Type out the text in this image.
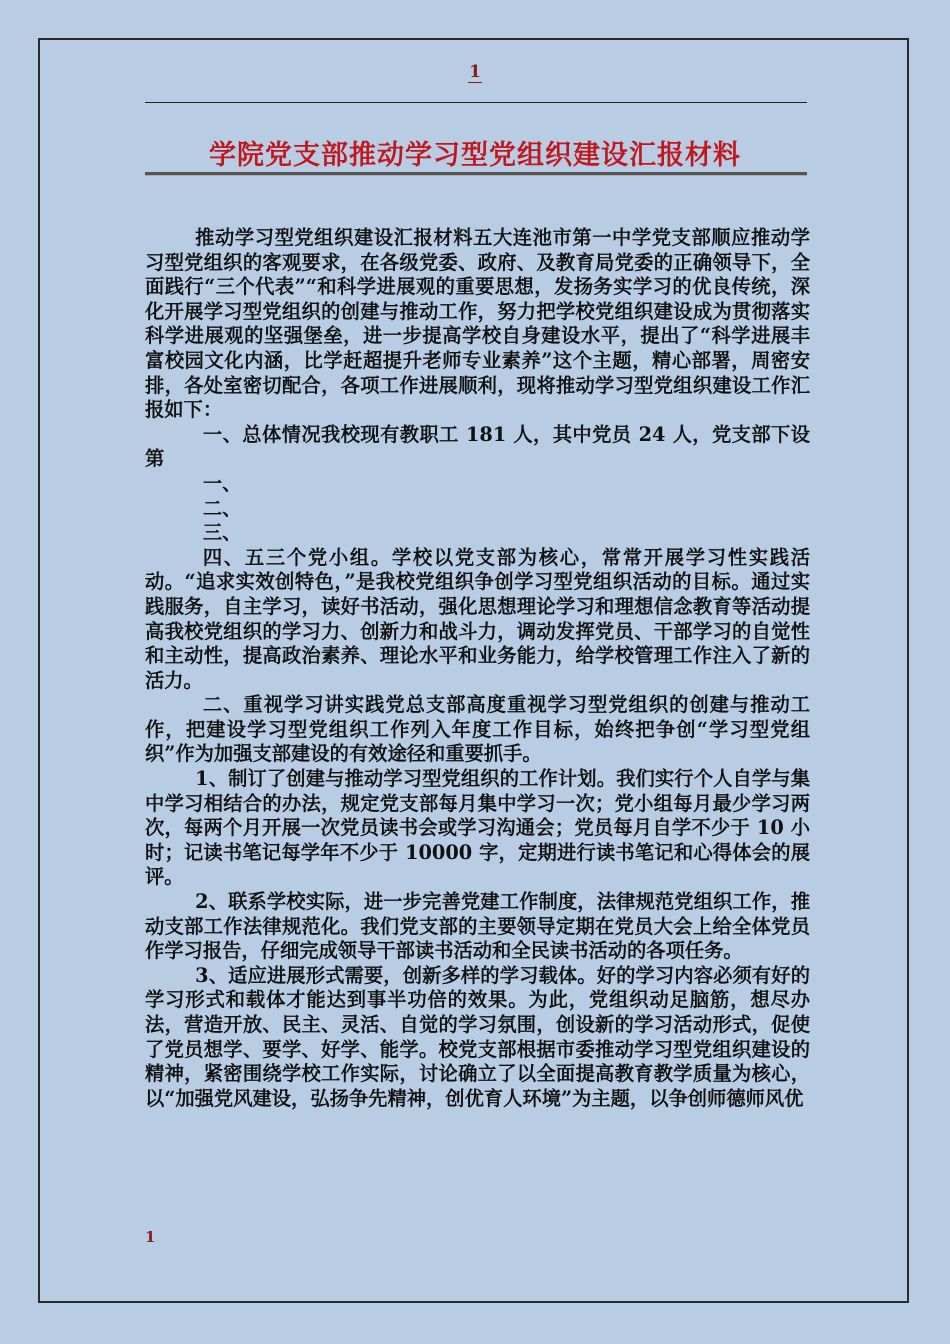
1
学院党支部推动学习型党组织建设汇报材料

推动学习型党组织建设汇报材料五大连池市第一中学党支部顺应推动学习型党组织的客观要求，在各级党委、政府、及教育局党委的正确领导下，全面践行“三个代表”“和科学进展观的重要思想，发扬务实学习的优良传统，深化开展学习型党组织的创建与推动工作，努力把学校党组织建设成为贯彻落实科学进展观的坚强堡垒，进一步提高学校自身建设水平，提出了“科学进展丰富校园文化内涵，比学赶超提升老师专业素养”这个主题，精心部署，周密安排，各处室密切配合，各项工作进展顺利，现将推动学习型党组织建设工作汇报如下：

一、总体情况我校现有教职工 181 人，其中党员 24 人，党支部下设第

一、

二、

三、

四、五三个党小组。学校以党支部为核心，常常开展学习性实践活动。“追求实效创特色，”是我校党组织争创学习型党组织活动的目标。通过实践服务，自主学习，读好书活动，强化思想理论学习和理想信念教育等活动提高我校党组织的学习力、创新力和战斗力，调动发挥党员、干部学习的自觉性和主动性，提高政治素养、理论水平和业务能力，给学校管理工作注入了新的活力。

二、重视学习讲实践党总支部高度重视学习型党组织的创建与推动工作，把建设学习型党组织工作列入年度工作目标，始终把争创“学习型党组织”作为加强支部建设的有效途径和重要抓手。

1、制订了创建与推动学习型党组织的工作计划。我们实行个人自学与集中学习相结合的办法，规定党支部每月集中学习一次；党小组每月最少学习两次，每两个月开展一次党员读书会或学习沟通会；党员每月自学不少于 10 小时；记读书笔记每学年不少于 10000 字，定期进行读书笔记和心得体会的展评。

2、联系学校实际，进一步完善党建工作制度，法律规范党组织工作，推动支部工作法律规范化。我们党支部的主要领导定期在党员大会上给全体党员作学习报告，仔细完成领导干部读书活动和全民读书活动的各项任务。

3、适应进展形式需要，创新多样的学习载体。好的学习内容必须有好的学习形式和载体才能达到事半功倍的效果。为此，党组织动足脑筋，想尽办法，营造开放、民主、灵活、自觉的学习氛围，创设新的学习活动形式，促使了党员想学、要学、好学、能学。校党支部根据市委推动学习型党组织建设的精神，紧密围绕学校工作实际，讨论确立了以全面提高教育教学质量为核心，以“加强党风建设，弘扬争先精神，创优育人环境”为主题，以争创师德师风优

1
